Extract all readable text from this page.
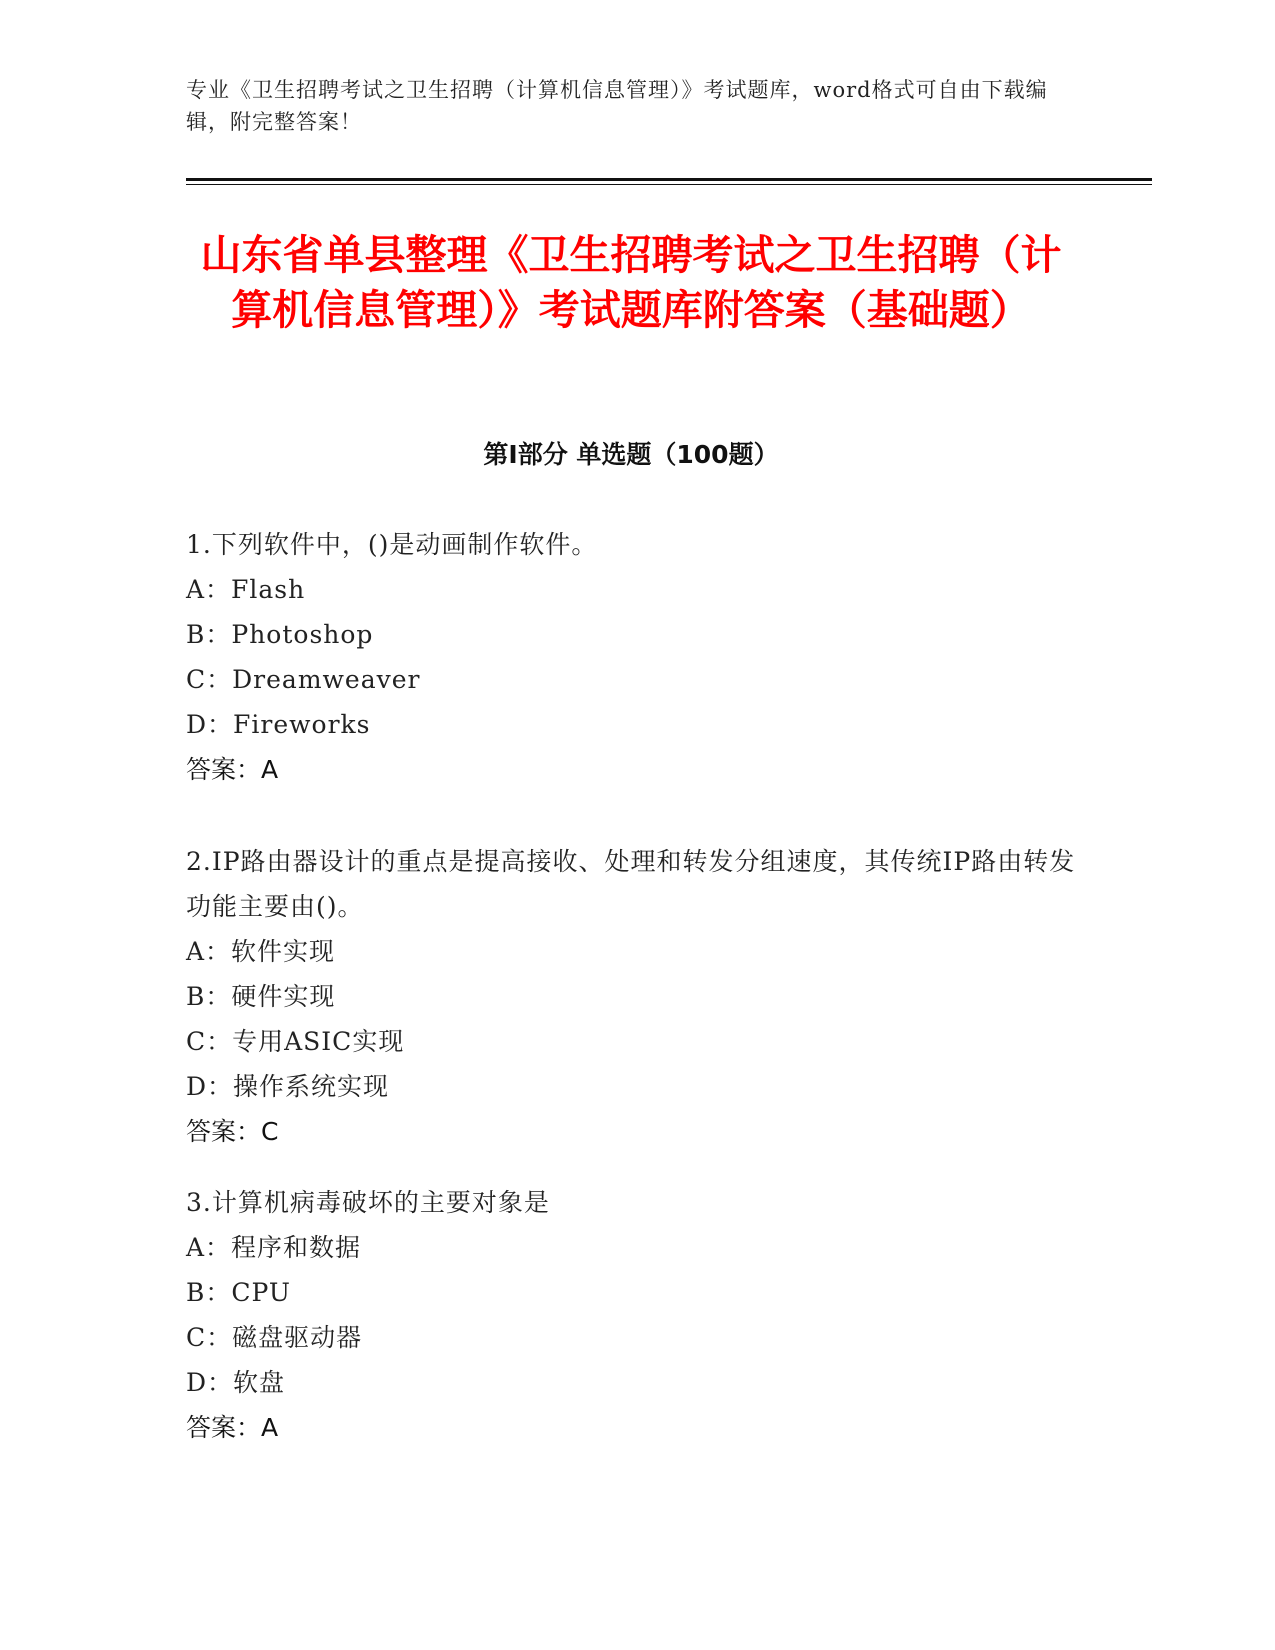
专业《卫生招聘考试之卫生招聘（计算机信息管理）》考试题库，word格式可自由下载编辑，附完整答案！
山东省单县整理《卫生招聘考试之卫生招聘（计算机信息管理）》考试题库附答案（基础题）
第Ⅰ部分 单选题（100题）

1.下列软件中，()是动画制作软件。

A：Flash

B：Photoshop

C：Dreamweaver

D：Fireworks

答案：A

2.IP路由器设计的重点是提高接收、处理和转发分组速度，其传统IP路由转发功能主要由()。

A：软件实现

B：硬件实现

C：专用ASIC实现

D：操作系统实现

答案：C

3.计算机病毒破坏的主要对象是

A：程序和数据

B：CPU

C：磁盘驱动器

D：软盘

答案：A
